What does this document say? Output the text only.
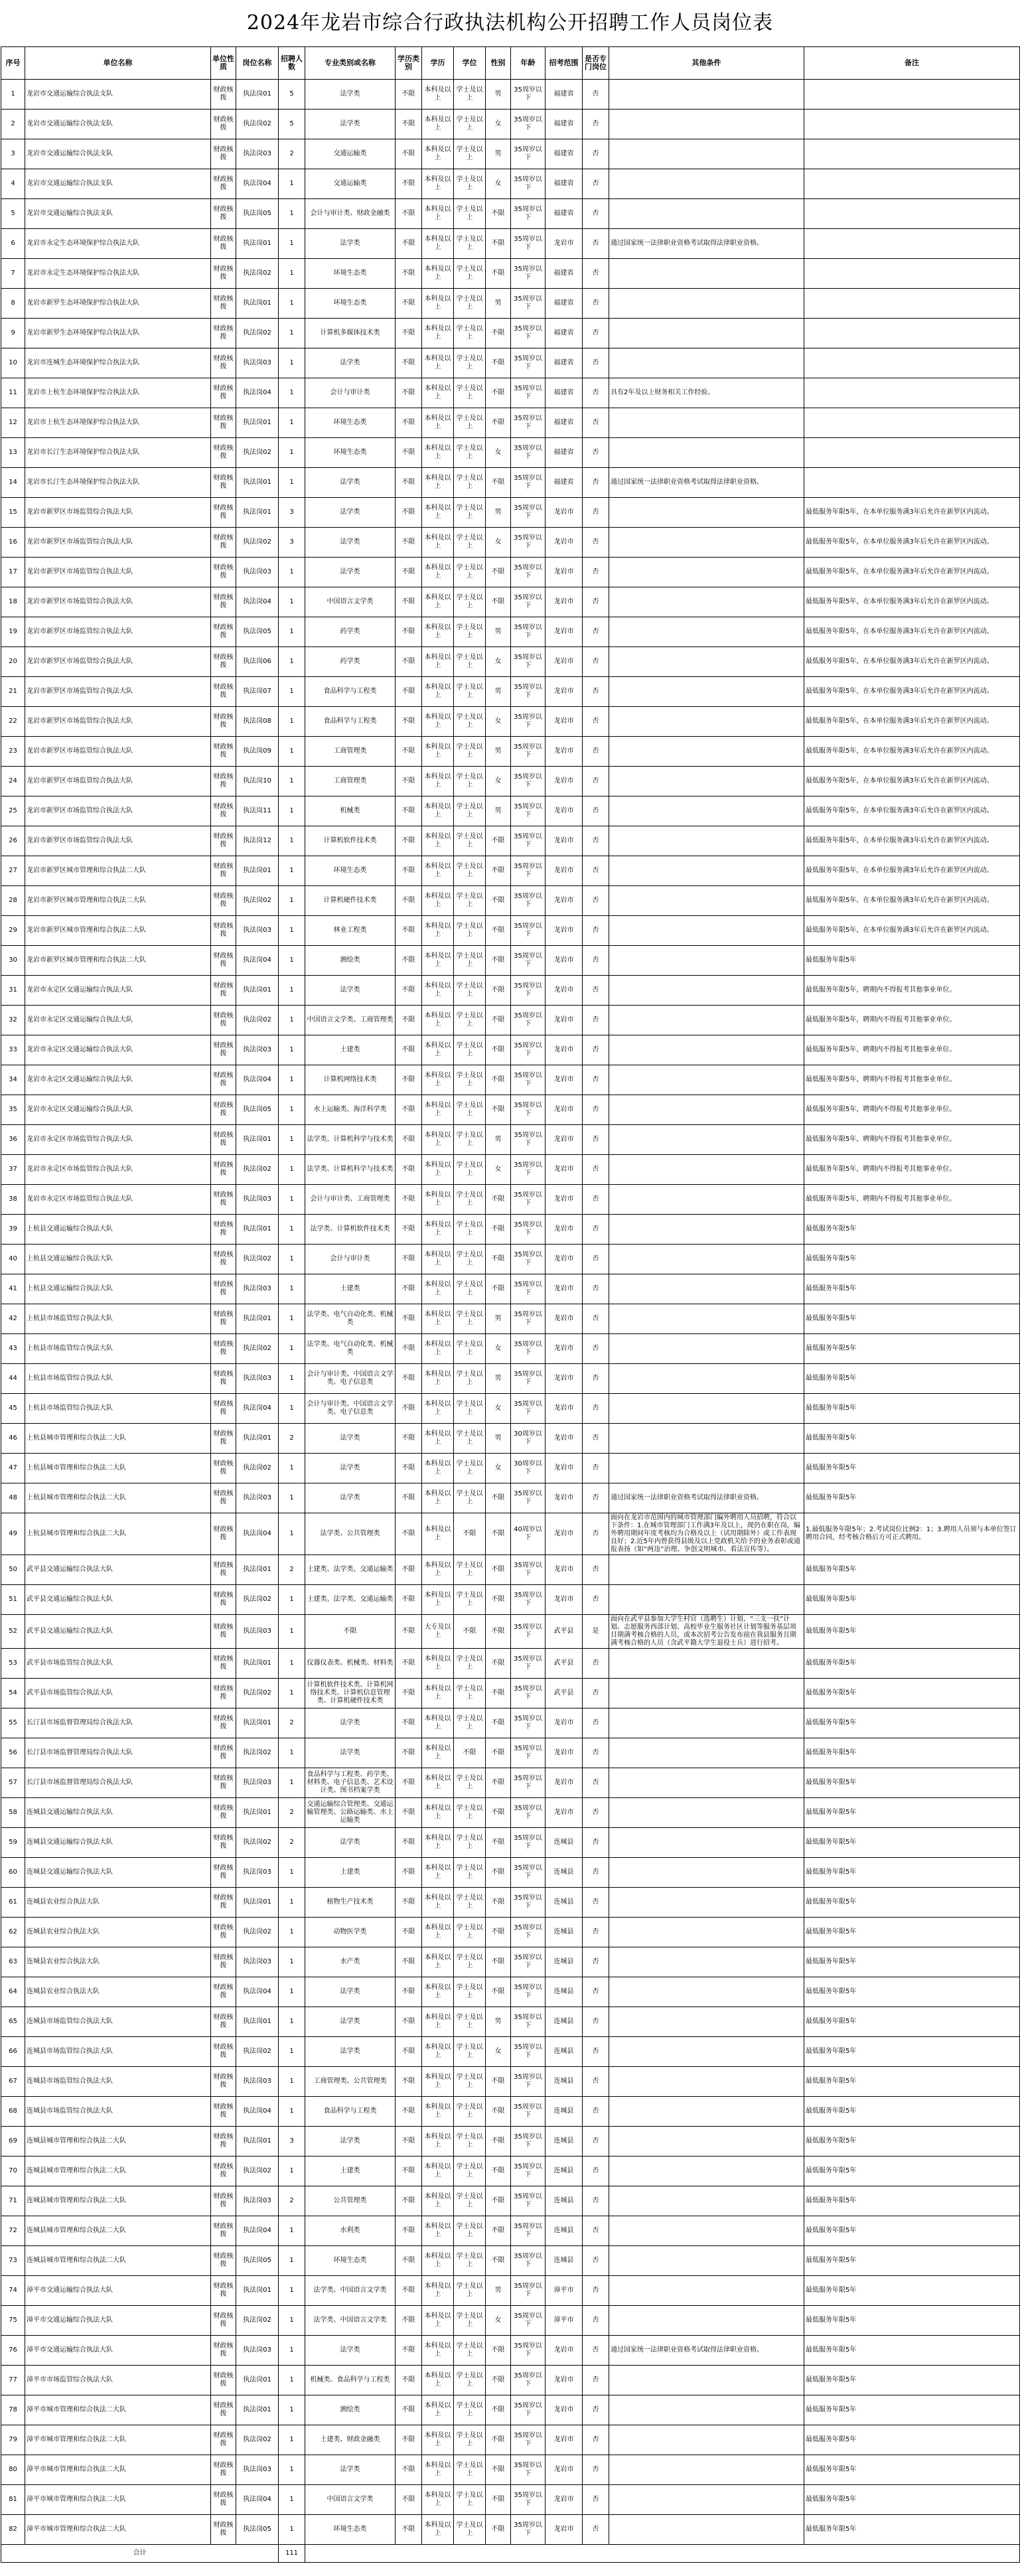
2024年龙岩市综合行政执法机构公开招聘工作人员岗位表
序号	单位名称	单位性质	岗位名称	招聘人数	专业类别或名称	学历类别	学历	学位	性别	年龄	招考范围	是否专门岗位	其他条件	备注
1	龙岩市交通运输综合执法支队	财政核拨	执法岗01	5	法学类	不限	本科及以上	学士及以上	男	35周岁以下	福建省	否		
2	龙岩市交通运输综合执法支队	财政核拨	执法岗02	5	法学类	不限	本科及以上	学士及以上	女	35周岁以下	福建省	否		
3	龙岩市交通运输综合执法支队	财政核拨	执法岗03	2	交通运输类	不限	本科及以上	学士及以上	男	35周岁以下	福建省	否		
4	龙岩市交通运输综合执法支队	财政核拨	执法岗04	1	交通运输类	不限	本科及以上	学士及以上	女	35周岁以下	福建省	否		
5	龙岩市交通运输综合执法支队	财政核拨	执法岗05	1	会计与审计类、财政金融类	不限	本科及以上	学士及以上	不限	35周岁以下	福建省	否		
6	龙岩市永定生态环境保护综合执法大队	财政核拨	执法岗01	1	法学类	不限	本科及以上	学士及以上	不限	35周岁以下	龙岩市	否	通过国家统一法律职业资格考试取得法律职业资格。	
7	龙岩市永定生态环境保护综合执法大队	财政核拨	执法岗02	1	环境生态类	不限	本科及以上	学士及以上	不限	35周岁以下	福建省	否		
8	龙岩市新罗生态环境保护综合执法大队	财政核拨	执法岗01	1	环境生态类	不限	本科及以上	学士及以上	男	35周岁以下	福建省	否		
9	龙岩市新罗生态环境保护综合执法大队	财政核拨	执法岗02	1	计算机多媒体技术类	不限	本科及以上	学士及以上	不限	35周岁以下	福建省	否		
10	龙岩市连城生态环境保护综合执法大队	财政核拨	执法岗03	1	法学类	不限	本科及以上	学士及以上	不限	35周岁以下	福建省	否		
11	龙岩市上杭生态环境保护综合执法大队	财政核拨	执法岗04	1	会计与审计类	不限	本科及以上	学士及以上	不限	35周岁以下	福建省	否	具有2年及以上财务相关工作经验。	
12	龙岩市上杭生态环境保护综合执法大队	财政核拨	执法岗01	1	环境生态类	不限	本科及以上	学士及以上	不限	35周岁以下	福建省	否		
13	龙岩市长汀生态环境保护综合执法大队	财政核拨	执法岗02	1	环境生态类	不限	本科及以上	学士及以上	女	35周岁以下	福建省	否		
14	龙岩市长汀生态环境保护综合执法大队	财政核拨	执法岗01	1	法学类	不限	本科及以上	学士及以上	不限	35周岁以下	福建省	否	通过国家统一法律职业资格考试取得法律职业资格。	
15	龙岩市新罗区市场监管综合执法大队	财政核拨	执法岗01	3	法学类	不限	本科及以上	学士及以上	男	35周岁以下	龙岩市	否		最低服务年限5年，在本单位服务满3年后允许在新罗区内流动。
16	龙岩市新罗区市场监管综合执法大队	财政核拨	执法岗02	3	法学类	不限	本科及以上	学士及以上	女	35周岁以下	龙岩市	否		最低服务年限5年，在本单位服务满3年后允许在新罗区内流动。
17	龙岩市新罗区市场监管综合执法大队	财政核拨	执法岗03	1	法学类	不限	本科及以上	学士及以上	不限	35周岁以下	龙岩市	否		最低服务年限5年，在本单位服务满3年后允许在新罗区内流动。
18	龙岩市新罗区市场监管综合执法大队	财政核拨	执法岗04	1	中国语言文学类	不限	本科及以上	学士及以上	不限	35周岁以下	龙岩市	否		最低服务年限5年，在本单位服务满3年后允许在新罗区内流动。
19	龙岩市新罗区市场监管综合执法大队	财政核拨	执法岗05	1	药学类	不限	本科及以上	学士及以上	男	35周岁以下	龙岩市	否		最低服务年限5年，在本单位服务满3年后允许在新罗区内流动。
20	龙岩市新罗区市场监管综合执法大队	财政核拨	执法岗06	1	药学类	不限	本科及以上	学士及以上	女	35周岁以下	龙岩市	否		最低服务年限5年，在本单位服务满3年后允许在新罗区内流动。
21	龙岩市新罗区市场监管综合执法大队	财政核拨	执法岗07	1	食品科学与工程类	不限	本科及以上	学士及以上	男	35周岁以下	龙岩市	否		最低服务年限5年，在本单位服务满3年后允许在新罗区内流动。
22	龙岩市新罗区市场监管综合执法大队	财政核拨	执法岗08	1	食品科学与工程类	不限	本科及以上	学士及以上	女	35周岁以下	龙岩市	否		最低服务年限5年，在本单位服务满3年后允许在新罗区内流动。
23	龙岩市新罗区市场监管综合执法大队	财政核拨	执法岗09	1	工商管理类	不限	本科及以上	学士及以上	男	35周岁以下	龙岩市	否		最低服务年限5年，在本单位服务满3年后允许在新罗区内流动。
24	龙岩市新罗区市场监管综合执法大队	财政核拨	执法岗10	1	工商管理类	不限	本科及以上	学士及以上	女	35周岁以下	龙岩市	否		最低服务年限5年，在本单位服务满3年后允许在新罗区内流动。
25	龙岩市新罗区市场监管综合执法大队	财政核拨	执法岗11	1	机械类	不限	本科及以上	学士及以上	男	35周岁以下	龙岩市	否		最低服务年限5年，在本单位服务满3年后允许在新罗区内流动。
26	龙岩市新罗区市场监管综合执法大队	财政核拨	执法岗12	1	计算机软件技术类	不限	本科及以上	学士及以上	不限	35周岁以下	龙岩市	否		最低服务年限5年，在本单位服务满3年后允许在新罗区内流动。
27	龙岩市新罗区城市管理和综合执法二大队	财政核拨	执法岗01	1	环境生态类	不限	本科及以上	学士及以上	不限	35周岁以下	龙岩市	否		最低服务年限5年，在本单位服务满3年后允许在新罗区内流动。
28	龙岩市新罗区城市管理和综合执法二大队	财政核拨	执法岗02	1	计算机硬件技术类	不限	本科及以上	学士及以上	不限	35周岁以下	龙岩市	否		最低服务年限5年，在本单位服务满3年后允许在新罗区内流动。
29	龙岩市新罗区城市管理和综合执法二大队	财政核拨	执法岗03	1	林业工程类	不限	本科及以上	学士及以上	不限	35周岁以下	龙岩市	否		最低服务年限5年，在本单位服务满3年后允许在新罗区内流动。
30	龙岩市新罗区城市管理和综合执法二大队	财政核拨	执法岗04	1	测绘类	不限	本科及以上	学士及以上	不限	35周岁以下	龙岩市	否		最低服务年限5年
31	龙岩市永定区交通运输综合执法大队	财政核拨	执法岗01	1	法学类	不限	本科及以上	学士及以上	不限	35周岁以下	龙岩市	否		最低服务年限5年，聘期内不得报考其他事业单位。
32	龙岩市永定区交通运输综合执法大队	财政核拨	执法岗02	1	中国语言文学类、工商管理类	不限	本科及以上	学士及以上	不限	35周岁以下	龙岩市	否		最低服务年限5年，聘期内不得报考其他事业单位。
33	龙岩市永定区交通运输综合执法大队	财政核拨	执法岗03	1	土建类	不限	本科及以上	学士及以上	不限	35周岁以下	龙岩市	否		最低服务年限5年，聘期内不得报考其他事业单位。
34	龙岩市永定区交通运输综合执法大队	财政核拨	执法岗04	1	计算机网络技术类	不限	本科及以上	学士及以上	不限	35周岁以下	龙岩市	否		最低服务年限5年，聘期内不得报考其他事业单位。
35	龙岩市永定区交通运输综合执法大队	财政核拨	执法岗05	1	水上运输类、海洋科学类	不限	本科及以上	学士及以上	不限	35周岁以下	龙岩市	否		最低服务年限5年，聘期内不得报考其他事业单位。
36	龙岩市永定区市场监管综合执法大队	财政核拨	执法岗01	1	法学类、计算机科学与技术类	不限	本科及以上	学士及以上	男	35周岁以下	龙岩市	否		最低服务年限5年，聘期内不得报考其他事业单位。
37	龙岩市永定区市场监管综合执法大队	财政核拨	执法岗02	1	法学类、计算机科学与技术类	不限	本科及以上	学士及以上	女	35周岁以下	龙岩市	否		最低服务年限5年，聘期内不得报考其他事业单位。
38	龙岩市永定区市场监管综合执法大队	财政核拨	执法岗03	1	会计与审计类、工商管理类	不限	本科及以上	学士及以上	不限	35周岁以下	龙岩市	否		最低服务年限5年，聘期内不得报考其他事业单位。
39	上杭县交通运输综合执法大队	财政核拨	执法岗01	1	法学类、计算机软件技术类	不限	本科及以上	学士及以上	不限	35周岁以下	龙岩市	否		最低服务年限5年
40	上杭县交通运输综合执法大队	财政核拨	执法岗02	1	会计与审计类	不限	本科及以上	学士及以上	不限	35周岁以下	龙岩市	否		最低服务年限5年
41	上杭县交通运输综合执法大队	财政核拨	执法岗03	1	土建类	不限	本科及以上	学士及以上	不限	35周岁以下	龙岩市	否		最低服务年限5年
42	上杭县市场监管综合执法大队	财政核拨	执法岗01	1	法学类、电气自动化类、机械类	不限	本科及以上	学士及以上	男	35周岁以下	龙岩市	否		最低服务年限5年
43	上杭县市场监管综合执法大队	财政核拨	执法岗02	1	法学类、电气自动化类、机械类	不限	本科及以上	学士及以上	女	35周岁以下	龙岩市	否		最低服务年限5年
44	上杭县市场监管综合执法大队	财政核拨	执法岗03	1	会计与审计类、中国语言文学类、电子信息类	不限	本科及以上	学士及以上	男	35周岁以下	龙岩市	否		最低服务年限5年
45	上杭县市场监管综合执法大队	财政核拨	执法岗04	1	会计与审计类、中国语言文学类、电子信息类	不限	本科及以上	学士及以上	女	35周岁以下	龙岩市	否		最低服务年限5年
46	上杭县城市管理和综合执法二大队	财政核拨	执法岗01	2	法学类	不限	本科及以上	学士及以上	男	30周岁以下	龙岩市	否		最低服务年限5年
47	上杭县城市管理和综合执法二大队	财政核拨	执法岗02	1	法学类	不限	本科及以上	学士及以上	女	30周岁以下	龙岩市	否		最低服务年限5年
48	上杭县城市管理和综合执法二大队	财政核拨	执法岗03	1	法学类	不限	本科及以上	学士及以上	不限	35周岁以下	龙岩市	否	通过国家统一法律职业资格考试取得法律职业资格。	最低服务年限5年
49	上杭县城市管理和综合执法二大队	财政核拨	执法岗04	1	法学类、公共管理类	不限	本科及以上	不限	不限	40周岁以下	龙岩市	否	面向在龙岩市范围内的城市管理部门编外聘用人员招聘，符合以下条件：1.在城市管理部门工作满3年及以上，现仍在职在岗，编外聘用期间年度考核均为合格及以上（试用期除外）或工作表现良好；2.近5年内曾获得县级及以上党政机关给予的业务表彰或通报表扬（如“两违”治理、争创文明城市、看法宣传等）。	1.最低服务年限5年；2.考试岗位比例2：1；3.聘用人员须与本单位签订聘用合同，经考核合格后方可正式聘用。
50	武平县交通运输综合执法大队	财政核拨	执法岗01	2	土建类、法学类、交通运输类	不限	本科及以上	学士及以上	不限	35周岁以下	龙岩市	否		最低服务年限5年
51	武平县交通运输综合执法大队	财政核拨	执法岗02	1	土建类、法学类、交通运输类	不限	本科及以上	学士及以上	不限	35周岁以下	龙岩市	否		最低服务年限5年
52	武平县交通运输综合执法大队	财政核拨	执法岗03	1	不限	不限	大专及以上	不限	不限	35周岁以下	武平县	是	面向在武平县参加大学生村官（选聘生）计划、“三支一扶”计划、志愿服务西部计划、高校毕业生服务社区计划等服务基层项目期满考核合格的人员，或本次招考公告发布前在我县服务且期满考核合格的人员（含武平籍大学生退役士兵）进行招考。	最低服务年限5年
53	武平县市场监管综合执法大队	财政核拨	执法岗01	1	仪器仪表类、机械类、材料类	不限	本科及以上	学士及以上	不限	35周岁以下	武平县	否		最低服务年限5年
54	武平县市场监管综合执法大队	财政核拨	执法岗02	1	计算机软件技术类、计算机网络技术类、计算机信息管理类、计算机硬件技术类	不限	本科及以上	学士及以上	不限	35周岁以下	武平县	否		最低服务年限5年
55	长汀县市场监督管理局综合执法大队	财政核拨	执法岗01	2	法学类	不限	本科及以上	学士及以上	不限	35周岁以下	龙岩市	否		最低服务年限5年
56	长汀县市场监督管理局综合执法大队	财政核拨	执法岗02	1	法学类	不限	本科及以上	不限	不限	35周岁以下	龙岩市	否		最低服务年限5年
57	长汀县市场监督管理局综合执法大队	财政核拨	执法岗03	1	食品科学与工程类、药学类、材料类、电子信息类、艺术设计类、图书档案学类	不限	本科及以上	学士及以上	不限	35周岁以下	龙岩市	否		最低服务年限5年
58	连城县交通运输综合执法大队	财政核拨	执法岗01	2	交通运输综合管理类、交通运输管理类、公路运输类、水上运输类	不限	本科及以上	学士及以上	不限	35周岁以下	龙岩市	否		最低服务年限5年
59	连城县交通运输综合执法大队	财政核拨	执法岗02	2	法学类	不限	本科及以上	学士及以上	不限	35周岁以下	连城县	否		最低服务年限5年
60	连城县交通运输综合执法大队	财政核拨	执法岗03	1	土建类	不限	本科及以上	学士及以上	不限	35周岁以下	连城县	否		最低服务年限5年
61	连城县农业综合执法大队	财政核拨	执法岗01	1	植物生产技术类	不限	本科及以上	学士及以上	不限	35周岁以下	连城县	否		最低服务年限5年
62	连城县农业综合执法大队	财政核拨	执法岗02	1	动物医学类	不限	本科及以上	学士及以上	不限	35周岁以下	连城县	否		最低服务年限5年
63	连城县农业综合执法大队	财政核拨	执法岗03	1	水产类	不限	本科及以上	学士及以上	不限	35周岁以下	连城县	否		最低服务年限5年
64	连城县农业综合执法大队	财政核拨	执法岗04	1	法学类	不限	本科及以上	学士及以上	不限	35周岁以下	连城县	否		最低服务年限5年
65	连城县市场监管综合执法大队	财政核拨	执法岗01	1	法学类	不限	本科及以上	学士及以上	男	35周岁以下	连城县	否		最低服务年限5年
66	连城县市场监管综合执法大队	财政核拨	执法岗02	1	法学类	不限	本科及以上	学士及以上	女	35周岁以下	连城县	否		最低服务年限5年
67	连城县市场监管综合执法大队	财政核拨	执法岗03	1	工商管理类、公共管理类	不限	本科及以上	学士及以上	不限	35周岁以下	连城县	否		最低服务年限5年
68	连城县市场监管综合执法大队	财政核拨	执法岗04	1	食品科学与工程类	不限	本科及以上	学士及以上	不限	35周岁以下	连城县	否		最低服务年限5年
69	连城县城市管理和综合执法二大队	财政核拨	执法岗01	3	法学类	不限	本科及以上	学士及以上	不限	35周岁以下	连城县	否		最低服务年限5年
70	连城县城市管理和综合执法二大队	财政核拨	执法岗02	1	土建类	不限	本科及以上	学士及以上	不限	35周岁以下	连城县	否		最低服务年限5年
71	连城县城市管理和综合执法二大队	财政核拨	执法岗03	2	公共管理类	不限	本科及以上	学士及以上	不限	35周岁以下	连城县	否		最低服务年限5年
72	连城县城市管理和综合执法二大队	财政核拨	执法岗04	1	水利类	不限	本科及以上	学士及以上	不限	35周岁以下	连城县	否		最低服务年限5年
73	连城县城市管理和综合执法二大队	财政核拨	执法岗05	1	环境生态类	不限	本科及以上	学士及以上	不限	35周岁以下	连城县	否		最低服务年限5年
74	漳平市交通运输综合执法大队	财政核拨	执法岗01	1	法学类、中国语言文学类	不限	本科及以上	学士及以上	男	35周岁以下	漳平市	否		最低服务年限5年
75	漳平市交通运输综合执法大队	财政核拨	执法岗02	1	法学类、中国语言文学类	不限	本科及以上	学士及以上	女	35周岁以下	漳平市	否		最低服务年限5年
76	漳平市交通运输综合执法大队	财政核拨	执法岗03	1	法学类	不限	本科及以上	学士及以上	不限	35周岁以下	龙岩市	否	通过国家统一法律职业资格考试取得法律职业资格。	最低服务年限5年
77	漳平市市场监管综合执法大队	财政核拨	执法岗01	1	机械类、食品科学与工程类	不限	本科及以上	学士及以上	不限	35周岁以下	龙岩市	否		最低服务年限5年
78	漳平市城市管理和综合执法二大队	财政核拨	执法岗01	1	测绘类	不限	本科及以上	学士及以上	不限	35周岁以下	龙岩市	否		最低服务年限5年
79	漳平市城市管理和综合执法二大队	财政核拨	执法岗02	1	土建类、财政金融类	不限	本科及以上	学士及以上	不限	35周岁以下	龙岩市	否		最低服务年限5年
80	漳平市城市管理和综合执法二大队	财政核拨	执法岗03	1	法学类	不限	本科及以上	学士及以上	不限	35周岁以下	龙岩市	否		最低服务年限5年
81	漳平市城市管理和综合执法二大队	财政核拨	执法岗04	1	中国语言文学类	不限	本科及以上	学士及以上	不限	35周岁以下	龙岩市	否		最低服务年限5年
82	漳平市城市管理和综合执法二大队	财政核拨	执法岗05	1	环境生态类	不限	本科及以上	学士及以上	不限	35周岁以下	龙岩市	否		最低服务年限5年
合计				111										
